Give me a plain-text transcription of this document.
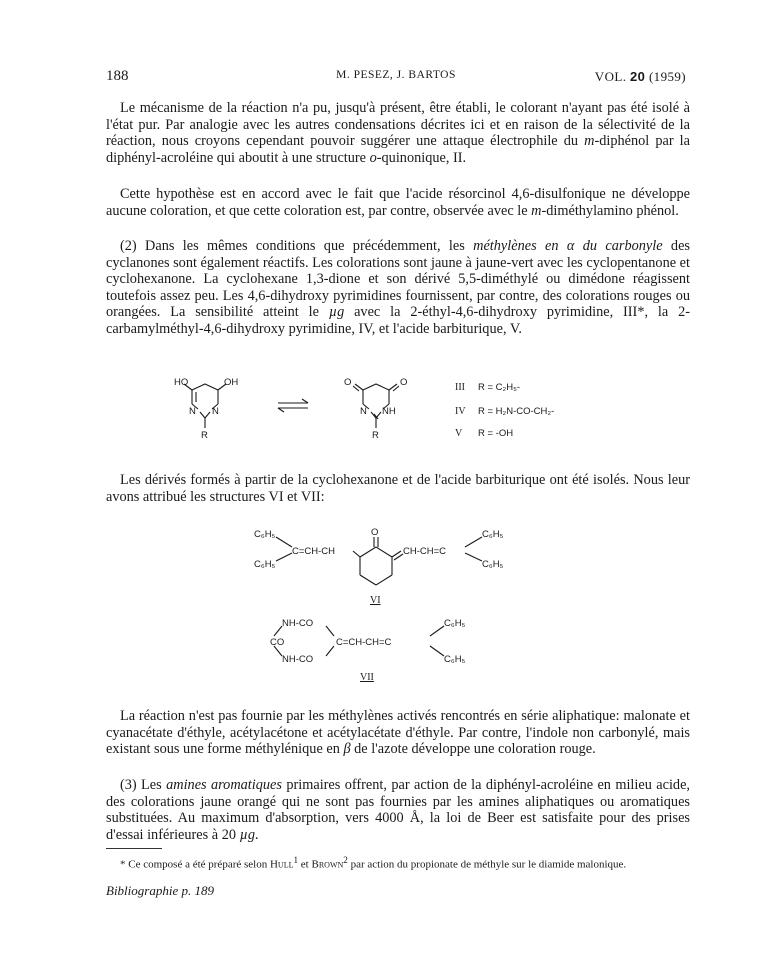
188	M. PESEZ, J. BARTOS	VOL. 20 (1959)

Le mécanisme de la réaction n'a pu, jusqu'à présent, être établi, le colorant n'ayant pas été isolé à l'état pur. Par analogie avec les autres condensations décrites ici et en raison de la sélectivité de la réaction, nous croyons cependant pouvoir suggérer une attaque électrophile du m-diphénol par la diphényl-acroléine qui aboutit à une structure o-quinonique, II.

Cette hypothèse est en accord avec le fait que l'acide résorcinol 4,6-disulfonique ne développe aucune coloration, et que cette coloration est, par contre, observée avec le m-diméthylamino phénol.

(2) Dans les mêmes conditions que précédemment, les méthylènes en α du carbonyle des cyclanones sont également réactifs. Les colorations sont jaune à jaune-vert avec les cyclopentanone et cyclohexanone. La cyclohexane 1,3-dione et son dérivé 5,5-diméthylé ou dimédone réagissent toutefois assez peu. Les 4,6-dihydroxy pyrimidines fournissent, par contre, des colorations rouges ou orangées. La sensibilité atteint le µg avec la 2-éthyl-4,6-dihydroxy pyrimidine, III*, la 2-carbamylméthyl-4,6-dihydroxy pyrimidine, IV, et l'acide barbiturique, V.

HO	OH
N N
R
O	O
N NH
R
III R = C₂H₅-
IV R = H₂N-CO-CH₂-
V R = -OH

Les dérivés formés à partir de la cyclohexanone et de l'acide barbiturique ont été isolés. Nous leur avons attribué les structures VI et VII:

C₆H₅
C₆H₅
C=CH-CH
O
CH-CH=C
C₆H₅
C₆H₅
VI
NH-CO
CO
NH-CO
C=CH-CH=C
C₆H₅
C₆H₅
VII

La réaction n'est pas fournie par les méthylènes activés rencontrés en série aliphatique: malonate et cyanacétate d'éthyle, acétylacétone et acétylacétate d'éthyle. Par contre, l'indole non carbonylé, mais existant sous une forme méthylénique en β de l'azote développe une coloration rouge.

(3) Les amines aromatiques primaires offrent, par action de la diphényl-acroléine en milieu acide, des colorations jaune orangé qui ne sont pas fournies par les amines aliphatiques ou aromatiques substituées. Au maximum d'absorption, vers 4000 Å, la loi de Beer est satisfaite pour des prises d'essai inférieures à 20 µg.

* Ce composé a été préparé selon Hull$^1$ et Brown$^2$ par action du propionate de méthyle sur le diamide malonique.

Bibliographie p. 189
